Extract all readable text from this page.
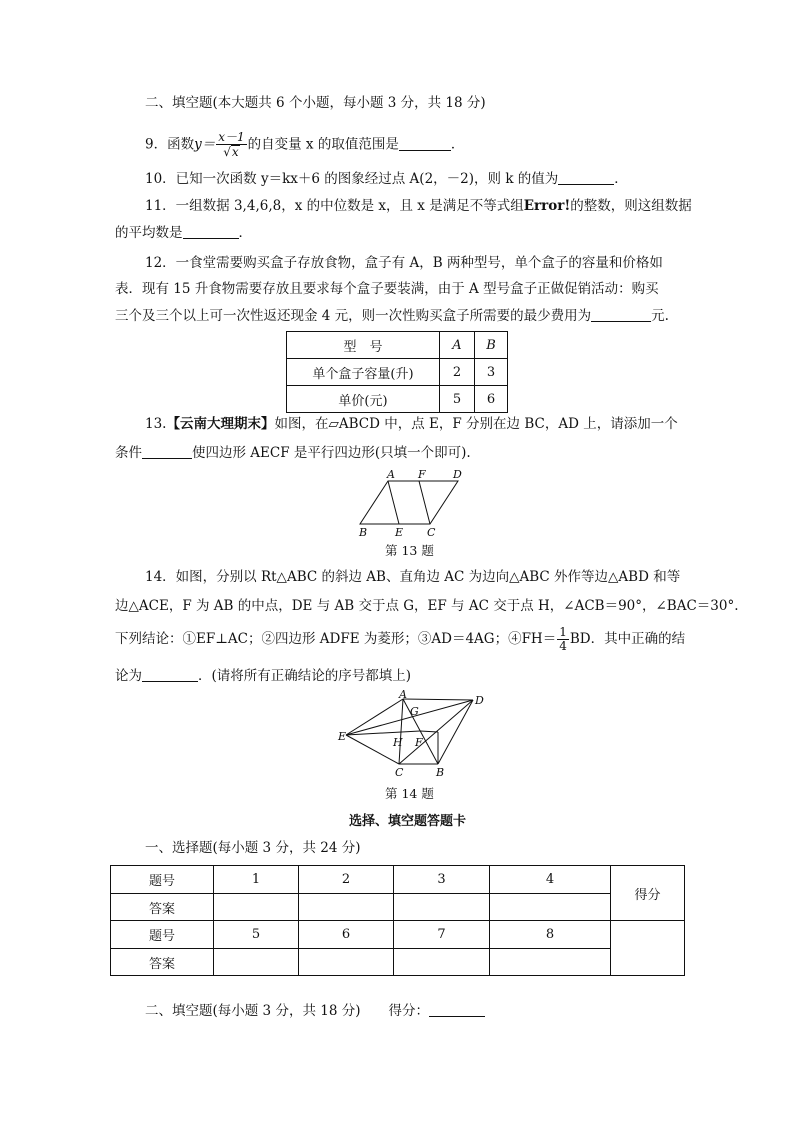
二、填空题(本大题共 6 个小题，每小题 3 分，共 18 分)
9．函数$y= \frac{x-1}{√x}$ 的自变量 x 的取值范围是	．
10．已知一次函数 y＝kx＋6 的图象经过点 A(2，－2)，则 k 的值为	．
11．一组数据 3,4,6,8，x 的中位数是 x，且 x 是满足不等式组Error!的整数，则这组数据
的平均数是	．
12．一食堂需要购买盒子存放食物，盒子有 A，B 两种型号，单个盒子的容量和价格如
表．现有 15 升食物需要存放且要求每个盒子要装满，由于 A 型号盒子正做促销活动：购买
三个及三个以上可一次性返还现金 4 元，则一次性购买盒子所需要的最少费用为	元.
型　号	A	B
单个盒子容量(升)	2	3
单价(元)	5	6
13.【云南大理期末】如图，在▱ABCD 中，点 E，F 分别在边 BC，AD 上，请添加一个
条件	使四边形 AECF 是平行四边形(只填一个即可).
A F D
B	E C
第 13 题
14．如图，分别以 Rt△ABC 的斜边 AB、直角边 AC 为边向△ABC 外作等边△ABD 和等
边△ACE，F 为 AB 的中点，DE 与 AB 交于点 G，EF 与 AC 交于点 H，∠ACB＝90°，∠BAC＝30°.
下列结论：①EF⊥AC；②四边形 ADFE 为菱形；③AD＝4AG；④FH＝ $\frac{1}{4}$ BD．其中正确的结
论为	．(请将所有正确结论的序号都填上)
A	D
G
E	H F
C	B
第 14 题
选择、填空题答题卡
一、选择题(每小题 3 分，共 24 分)
题号	1	2	3	4	得分
答案					
题号	5	6	7	8	
答案					
二、填空题(每小题 3 分，共 18 分) 得分：
